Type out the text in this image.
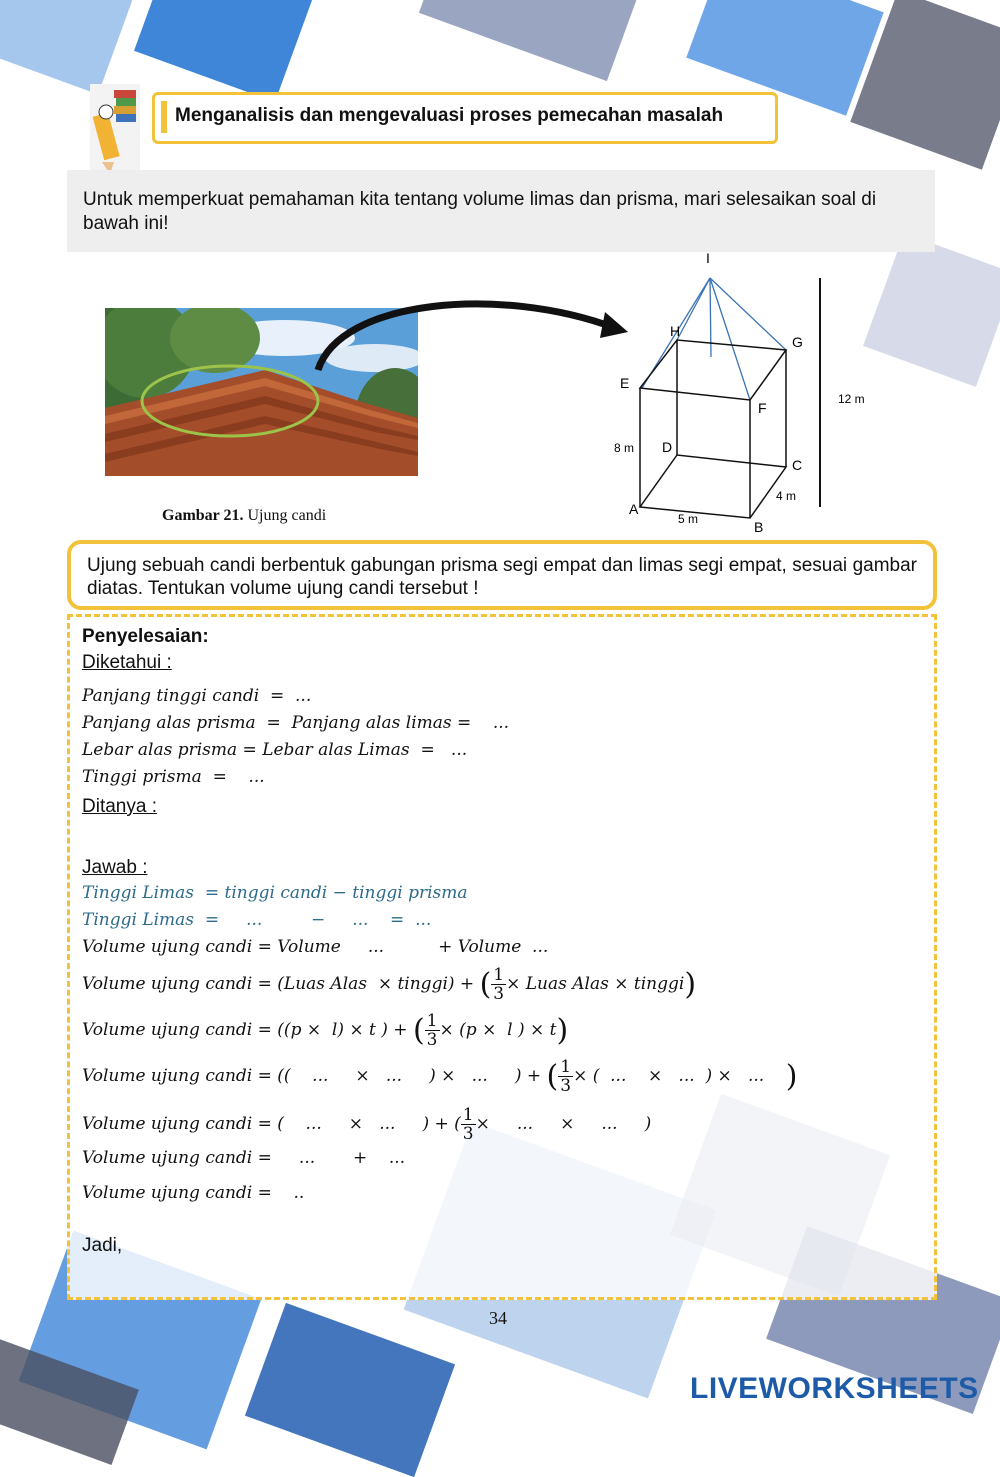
Menganalisis dan mengevaluasi proses pemecahan masalah

Untuk memperkuat pemahaman kita tentang volume limas dan prisma, mari selesaikan soal di bawah ini!

Gambar 21. Ujung candi
I
H
G
E
F
D
C
A
B
12 m
8 m
5 m
4 m

Ujung sebuah candi berbentuk gabungan prisma segi empat dan limas segi empat, sesuai gambar diatas. Tentukan volume ujung candi tersebut !

Penyelesaian:
Diketahui :
Panjang tinggi candi  =  ...
Panjang alas prisma  =  Panjang alas limas =    ...
Lebar alas prisma = Lebar alas Limas  =   ...
Tinggi prisma  =    ...
Ditanya :
Jawab :
Tinggi Limas  = tinggi candi − tinggi prisma
Tinggi Limas  =     ...         −     ...    =  ...
Volume ujung candi = Volume     ...          + Volume  ...
Volume ujung candi = (Luas Alas  × tinggi) + ( $\frac{1}{3}$ × Luas Alas × tinggi)
Volume ujung candi = ((p ×  l) × t ) + ( $\frac{1}{3} \times (p \times l$ ) × t)
Volume ujung candi = ((    ...     ×   ...     ) ×   ...     ) + ( $\frac{1}{3}$ × (  ...    ×   ...  ) ×   ...    )
Volume ujung candi = (    ...     ×   ...     ) + ( $\frac{1}{3}$ ×     ...     ×     ...     )
Volume ujung candi =     ...       +    ...
Volume ujung candi =    ..
Jadi,
34
LIVEWORKSHEETS
